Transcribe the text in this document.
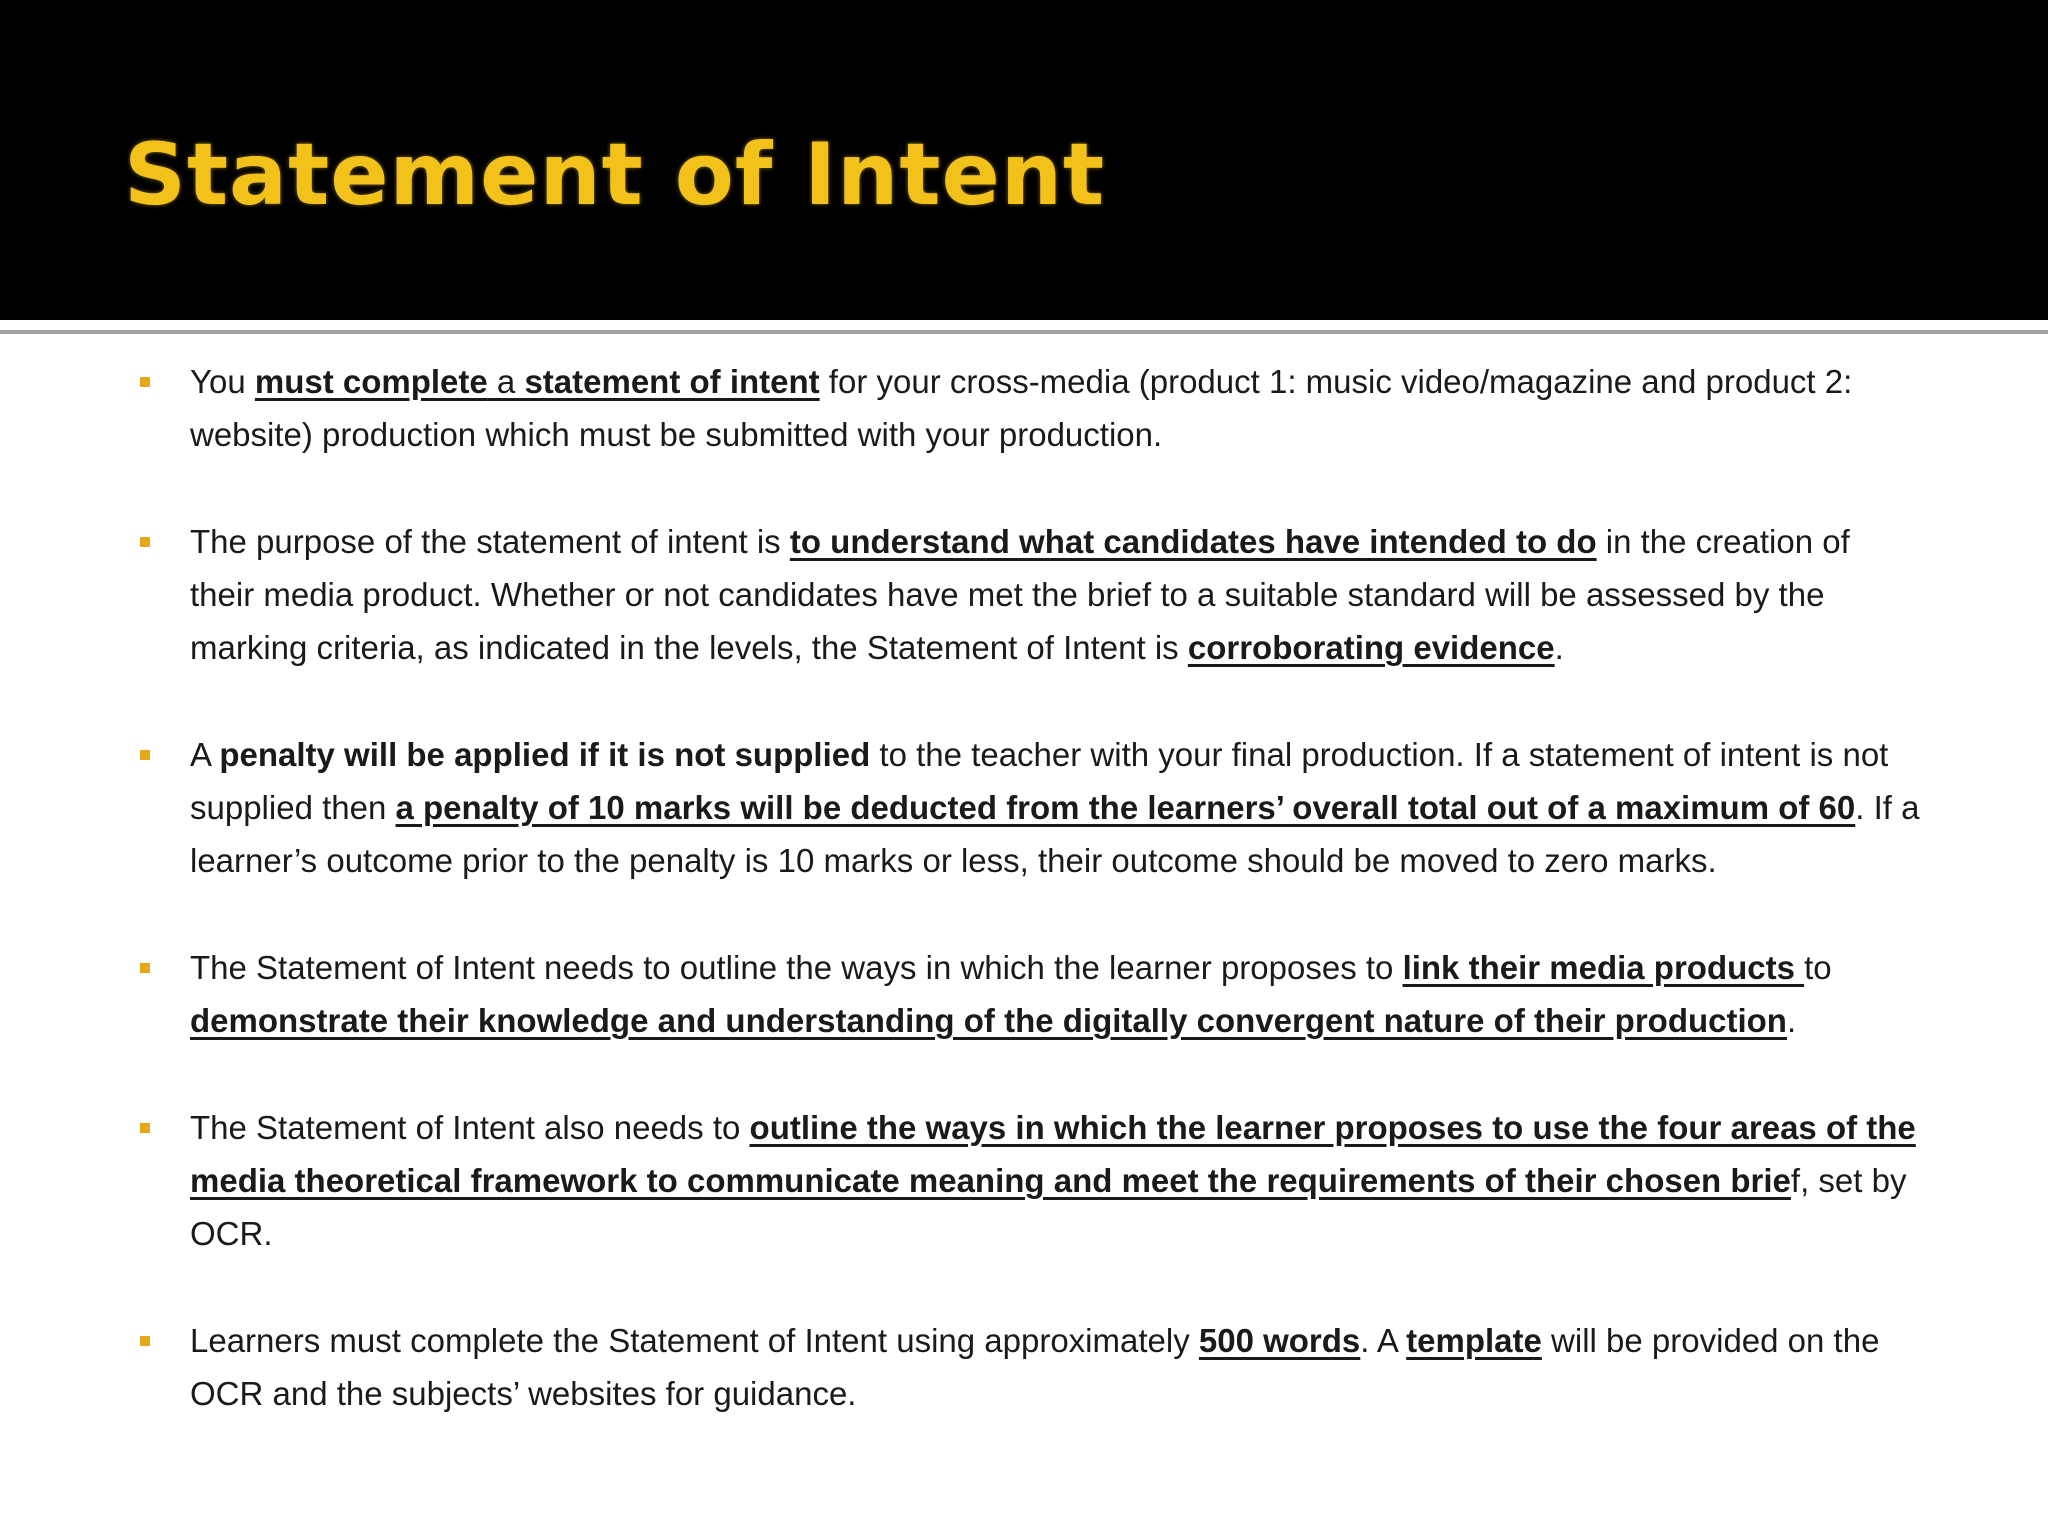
Statement of Intent
You must complete a statement of intent for your cross-media (product 1: music video/magazine and product 2: website) production which must be submitted with your production.
The purpose of the statement of intent is to understand what candidates have intended to do in the creation of their media product. Whether or not candidates have met the brief to a suitable standard will be assessed by the marking criteria, as indicated in the levels, the Statement of Intent is corroborating evidence.
A penalty will be applied if it is not supplied to the teacher with your final production. If a statement of intent is not supplied then a penalty of 10 marks will be deducted from the learners’ overall total out of a maximum of 60. If a learner’s outcome prior to the penalty is 10 marks or less, their outcome should be moved to zero marks.
The Statement of Intent needs to outline the ways in which the learner proposes to link their media products to demonstrate their knowledge and understanding of the digitally convergent nature of their production.
The Statement of Intent also needs to outline the ways in which the learner proposes to use the four areas of the media theoretical framework to communicate meaning and meet the requirements of their chosen brief, set by OCR.
Learners must complete the Statement of Intent using approximately 500 words. A template will be provided on the OCR and the subjects’ websites for guidance.
